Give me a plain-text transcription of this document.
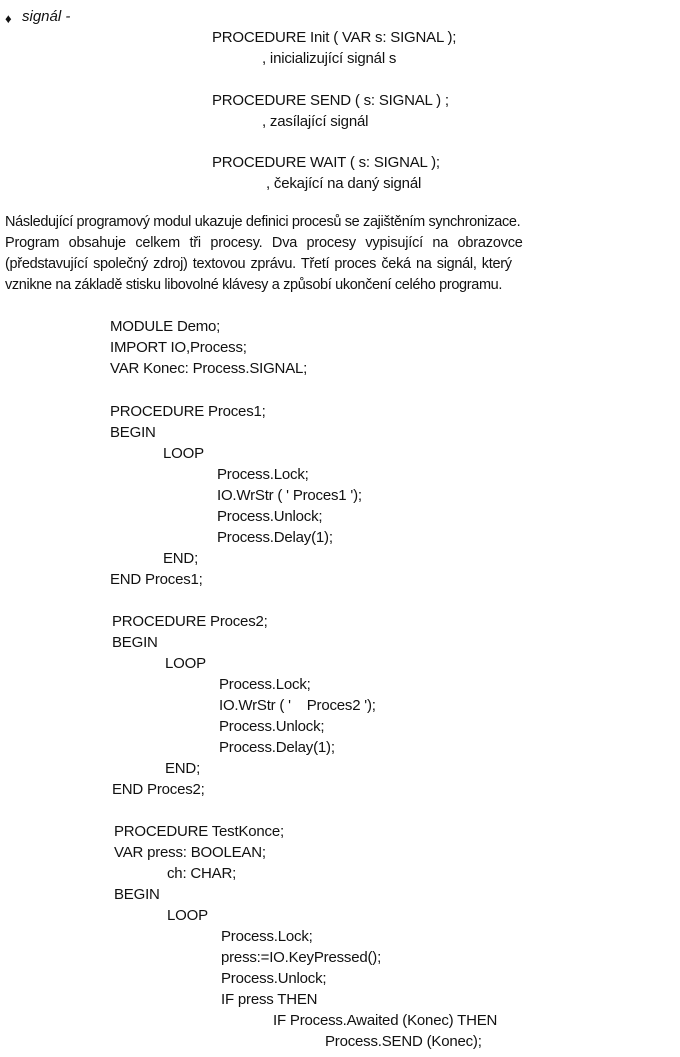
♦ signál -
PROCEDURE Init ( VAR s: SIGNAL );
, inicializující signál s
PROCEDURE SEND ( s: SIGNAL ) ;
, zasílající signál
PROCEDURE WAIT ( s: SIGNAL );
, čekající na daný signál
Následující programový modul ukazuje definici procesů se zajištěním synchronizace.
Program obsahuje celkem tři procesy. Dva procesy vypisující na obrazovce
(představující společný zdroj) textovou zprávu. Třetí proces čeká na signál, který
vznikne na základě stisku libovolné klávesy a způsobí ukončení celého programu.
MODULE Demo;
IMPORT IO,Process;
VAR Konec: Process.SIGNAL;
PROCEDURE Proces1;
BEGIN
LOOP
Process.Lock;
IO.WrStr ( ' Proces1 ');
Process.Unlock;
Process.Delay(1);
END;
END Proces1;
PROCEDURE Proces2;
BEGIN
LOOP
Process.Lock;
IO.WrStr ( '    Proces2 ');
Process.Unlock;
Process.Delay(1);
END;
END Proces2;
PROCEDURE TestKonce;
VAR press: BOOLEAN;
ch: CHAR;
BEGIN
LOOP
Process.Lock;
press:=IO.KeyPressed();
Process.Unlock;
IF press THEN
IF Process.Awaited (Konec) THEN
Process.SEND (Konec);
